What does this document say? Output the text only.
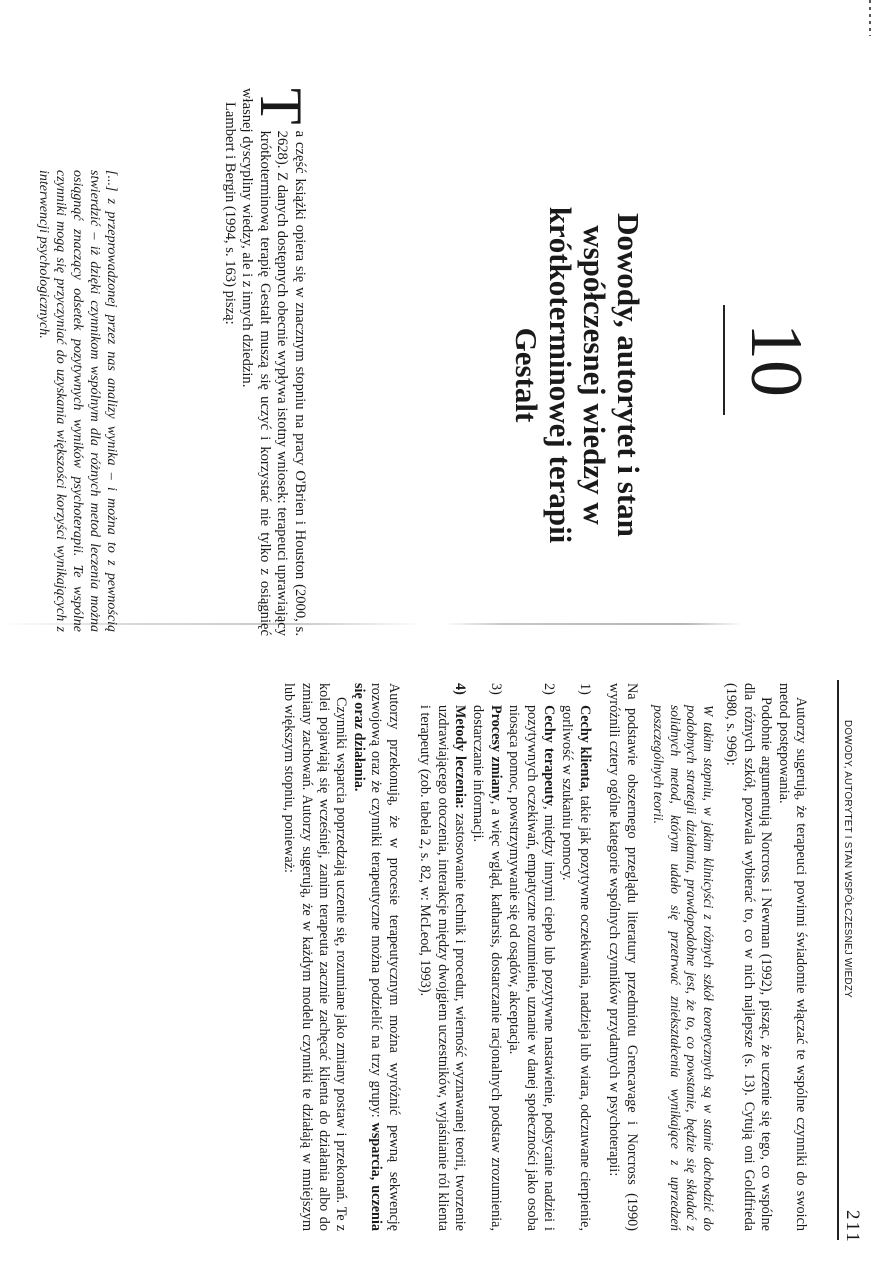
10
Dowody, autorytet i stan współczesnej wiedzy w krótkoterminowej terapii Gestalt

T
a część książki opiera się w znacznym stopniu na pracy O'Brien i Houston (2000, s. 2628). Z danych dostępnych obecnie wypływa istotny wniosek: terapeuci uprawiający krótkoterminową terapię Gestalt muszą się uczyć i korzystać nie tylko z osiągnięć własnej dyscypliny wiedzy, ale i z innych dziedzin.

Lambert i Bergin (1994, s. 163) piszą:

[...] z przeprowadzonej przez nas analizy wynika – i można to z pewnością stwierdzić – iż dzięki czynnikom wspólnym dla różnych metod leczenia można osiągnąć znaczący odsetek pozytywnych wyników psychoterapii. Te wspólne czynniki mogą się przyczyniać do uzyskania większości korzyści wynikających z interwencji psychologicznych.

DOWODY, AUTORYTET I STAN WSPÓŁCZESNEJ WIEDZY
211

Autorzy sugerują, że terapeuci powinni świadomie włączać te wspólne czynniki do swoich metod postępowania.

Podobnie argumentują Norcross i Newman (1992), pisząc, że uczenie się tego, co wspólne dla różnych szkół, pozwala wybierać to, co w nich najlepsze (s. 13). Cytują oni Goldfrieda (1980, s. 996):

W takim stopniu, w jakim klinicyści z różnych szkół teoretycznych są w stanie dochodzić do podobnych strategii działania, prawdopodobne jest, że to, co powstanie, będzie się składać z solidnych metod, którym udało się przetrwać zniekształcenia wynikające z uprzedzeń poszczególnych teorii.

Na podstawie obszernego przeglądu literatury przedmiotu Grencavage i Norcross (1990) wyróżnili cztery ogólne kategorie wspólnych czynników przydatnych w psychoterapii:

1)
Cechy klienta, takie jak pozytywne oczekiwania, nadzieja lub wiara, odczuwane cierpienie, gorliwość w szukaniu pomocy.
2)
Cechy terapeuty, między innymi ciepło lub pozytywne nastawienie, podsycanie nadziei i pozytywnych oczekiwań, empatyczne rozumienie, uznanie w danej społeczności jako osoba niosąca pomoc, powstrzymywanie się od osądów, akceptacja.
3)
Procesy zmiany, a więc wgląd, katharsis, dostarczanie racjonalnych podstaw zrozumienia, dostarczanie informacji.
4)
Metody leczenia: zastosowanie technik i procedur, wierność wyznawanej teorii, tworzenie uzdrawiającego otoczenia, interakcje między dwojgiem uczestników, wyjaśnianie ról klienta i terapeuty (zob. tabela 2, s. 82, w: McLeod, 1993).

Autorzy przekonują, że w procesie terapeutycznym można wyróżnić pewną sekwencję rozwojową oraz że czynniki terapeutyczne można podzielić na trzy grupy: wsparcia, uczenia się oraz działania.

Czynniki wsparcia poprzedzają uczenie się, rozumiane jako zmiany postaw i przekonań. Te z kolei pojawiają się wcześniej, zanim terapeuta zacznie zachęcać klienta do działania albo do zmiany zachowań. Autorzy sugerują, że w każdym modelu czynniki te działają w mniejszym lub większym stopniu, ponieważ:
